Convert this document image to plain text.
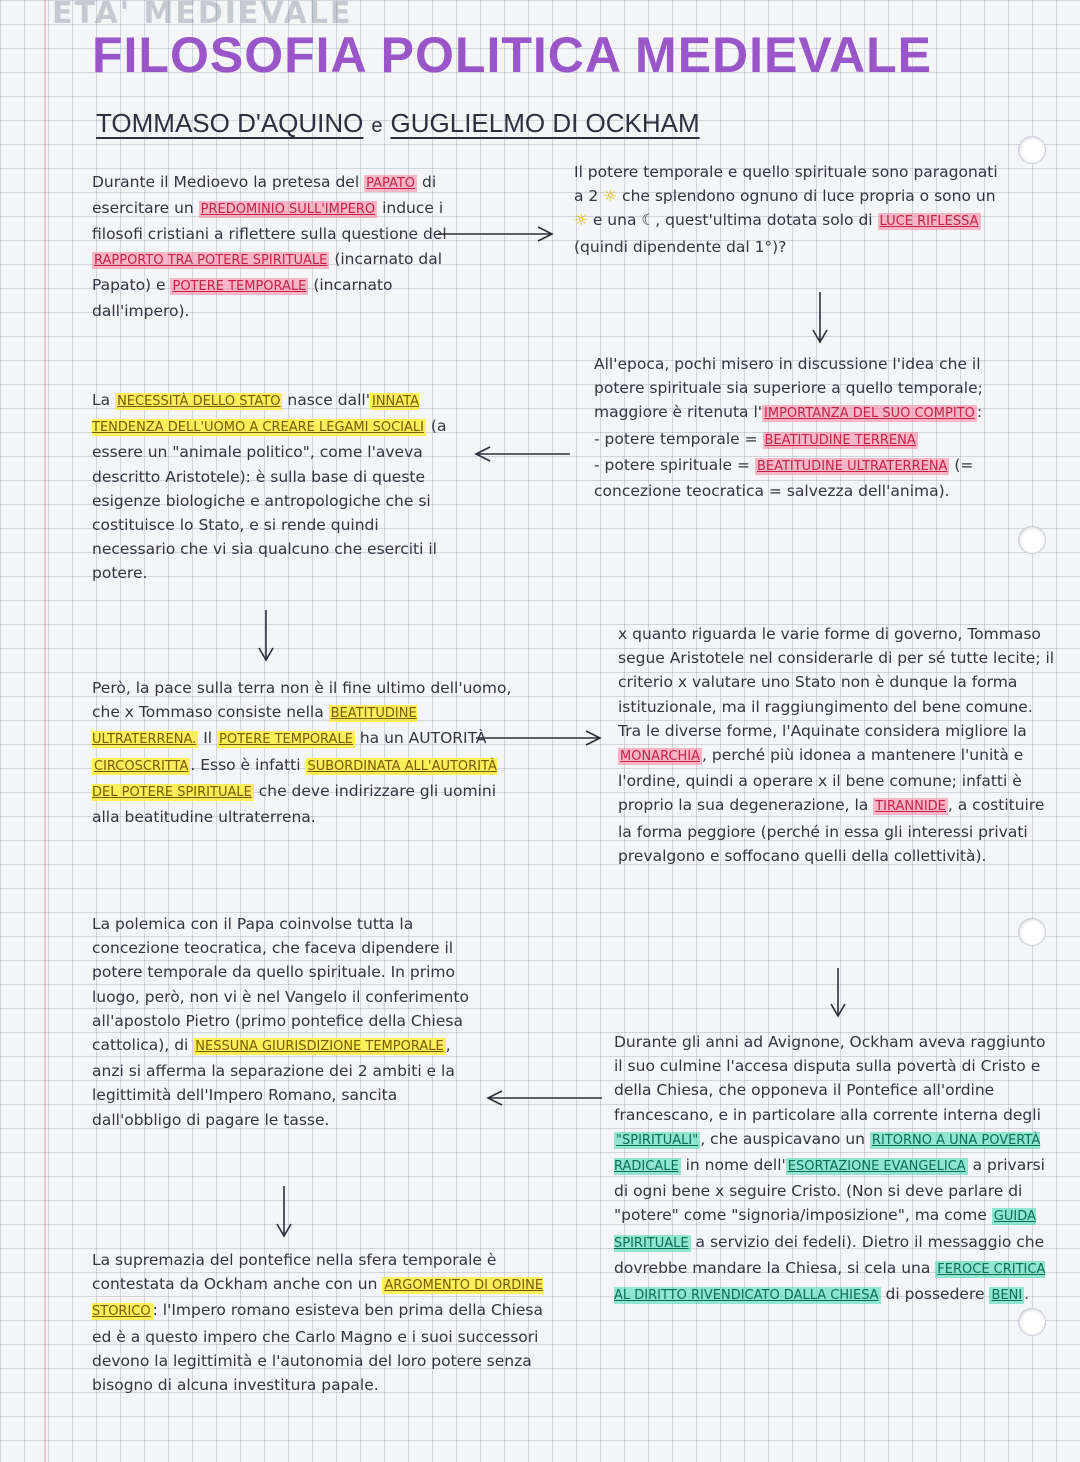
ETA' MEDIEVALE
FILOSOFIA POLITICA MEDIEVALE
TOMMASO D'AQUINO e GUGLIELMO DI OCKHAM

Durante il Medioevo la pretesa del PAPATO di esercitare un PREDOMINIO SULL'IMPERO induce i filosofi cristiani a riflettere sulla questione del RAPPORTO TRA POTERE SPIRITUALE (incarnato dal Papato) e POTERE TEMPORALE (incarnato dall'impero).

La NECESSITÀ DELLO STATO nasce dall' INNATA TENDENZA DELL'UOMO A CREARE LEGAMI SOCIALI (a essere un "animale politico", come l'aveva descritto Aristotele): è sulla base di queste esigenze biologiche e antropologiche che si costituisce lo Stato, e si rende quindi necessario che vi sia qualcuno che eserciti il potere.

Però, la pace sulla terra non è il fine ultimo dell'uomo, che x Tommaso consiste nella BEATITUDINE ULTRATERRENA. Il POTERE TEMPORALE ha un AUTORITÀ CIRCOSCRITTA . Esso è infatti SUBORDINATA ALL'AUTORITÀ DEL POTERE SPIRITUALE che deve indirizzare gli uomini alla beatitudine ultraterrena.

La polemica con il Papa coinvolse tutta la concezione teocratica, che faceva dipendere il potere temporale da quello spirituale. In primo luogo, però, non vi è nel Vangelo il conferimento all'apostolo Pietro (primo pontefice della Chiesa cattolica), di NESSUNA GIURISDIZIONE TEMPORALE , anzi si afferma la separazione dei 2 ambiti e la legittimità dell'Impero Romano, sancita dall'obbligo di pagare le tasse.

La supremazia del pontefice nella sfera temporale è contestata da Ockham anche con un ARGOMENTO DI ORDINE STORICO : l'Impero romano esisteva ben prima della Chiesa ed è a questo impero che Carlo Magno e i suoi successori devono la legittimità e l'autonomia del loro potere senza bisogno di alcuna investitura papale.

Il potere temporale e quello spirituale sono paragonati a 2 ☼ che splendono ognuno di luce propria o sono un ☼ e una ☾, quest'ultima dotata solo di LUCE RIFLESSA (quindi dipendente dal 1°)?

All'epoca, pochi misero in discussione l'idea che il potere spirituale sia superiore a quello temporale; maggiore è ritenuta l' IMPORTANZA DEL SUO COMPITO :

- potere temporale = BEATITUDINE TERRENA

- potere spirituale = BEATITUDINE ULTRATERRENA (= concezione teocratica = salvezza dell'anima).

x quanto riguarda le varie forme di governo, Tommaso segue Aristotele nel considerarle di per sé tutte lecite; il criterio x valutare uno Stato non è dunque la forma istituzionale, ma il raggiungimento del bene comune. Tra le diverse forme, l'Aquinate considera migliore la MONARCHIA , perché più idonea a mantenere l'unità e l'ordine, quindi a operare x il bene comune; infatti è proprio la sua degenerazione, la TIRANNIDE , a costituire la forma peggiore (perché in essa gli interessi privati prevalgono e soffocano quelli della collettività).

Durante gli anni ad Avignone, Ockham aveva raggiunto il suo culmine l'accesa disputa sulla povertà di Cristo e della Chiesa, che opponeva il Pontefice all'ordine francescano, e in particolare alla corrente interna degli "SPIRITUALI" , che auspicavano un RITORNO A UNA POVERTÀ RADICALE in nome dell' ESORTAZIONE EVANGELICA a privarsi di ogni bene x seguire Cristo. (Non si deve parlare di "potere" come "signoria/imposizione", ma come GUIDA SPIRITUALE a servizio dei fedeli). Dietro il messaggio che dovrebbe mandare la Chiesa, si cela una FEROCE CRITICA AL DIRITTO RIVENDICATO DALLA CHIESA di possedere BENI .
